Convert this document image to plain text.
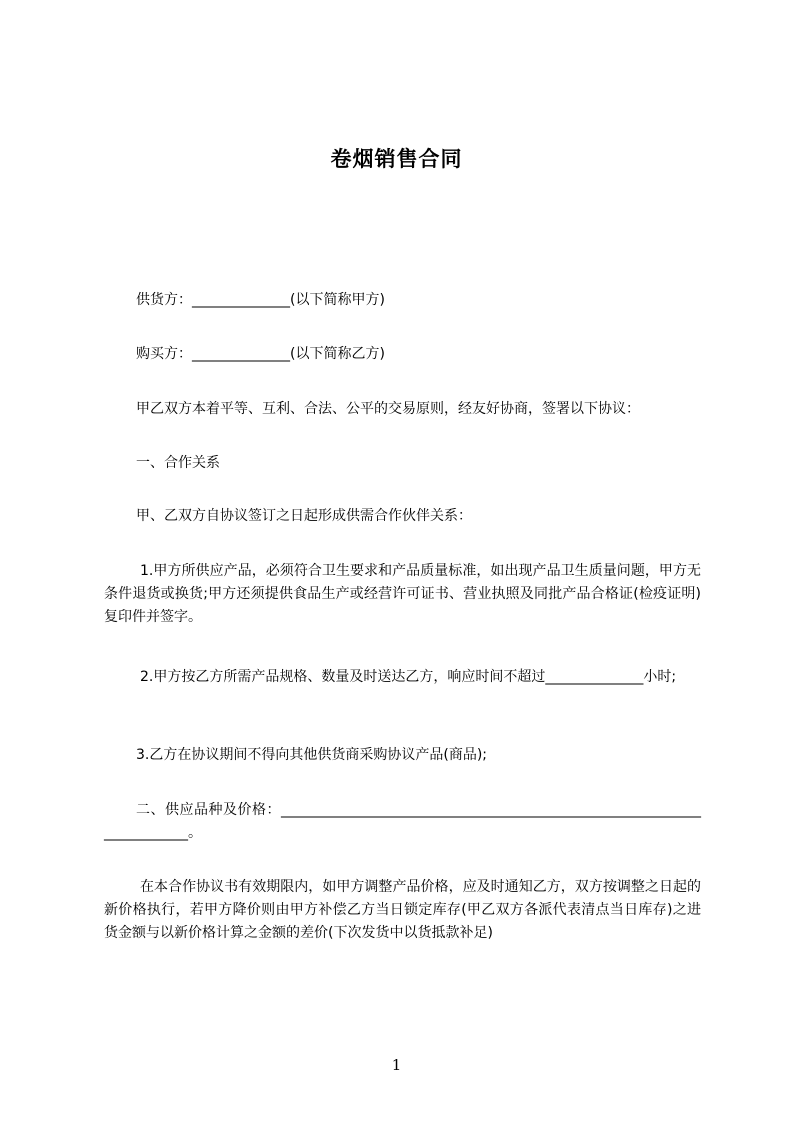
卷烟销售合同
供货方：______________(以下简称甲方)
购买方：______________(以下简称乙方)
甲乙双方本着平等、互利、合法、公平的交易原则，经友好协商，签署以下协议：
一、合作关系
甲、乙双方自协议签订之日起形成供需合作伙伴关系：
1.甲方所供应产品，必须符合卫生要求和产品质量标准，如出现产品卫生质量问题，甲方无条件退货或换货;甲方还须提供食品生产或经营许可证书、营业执照及同批产品合格证(检疫证明)复印件并签字。
2.甲方按乙方所需产品规格、数量及时送达乙方，响应时间不超过______________小时;
3.乙方在协议期间不得向其他供货商采购协议产品(商品);
二、供应品种及价格：________________________________________________________________________。
在本合作协议书有效期限内，如甲方调整产品价格，应及时通知乙方，双方按调整之日起的新价格执行，若甲方降价则由甲方补偿乙方当日锁定库存(甲乙双方各派代表清点当日库存)之进货金额与以新价格计算之金额的差价(下次发货中以货抵款补足)
1
